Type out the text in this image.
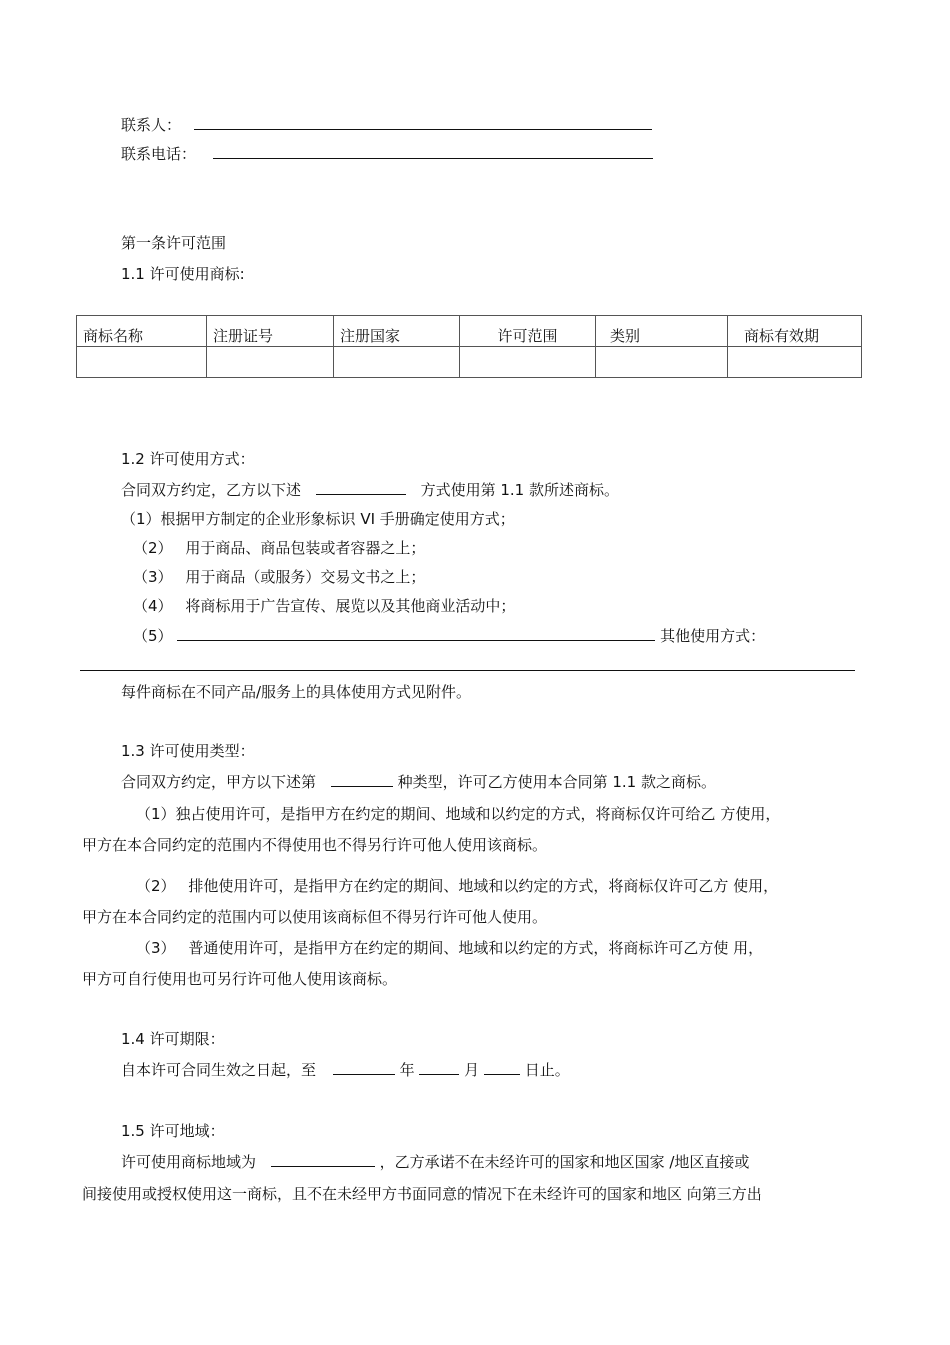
联系人：
联系电话：
第一条许可范围
1.1 许可使用商标:
商标名称	注册证号	注册国家	许可范围	类别	商标有效期

1.2 许可使用方式：
合同双方约定，乙方以下述	方式使用第 1.1 款所述商标。
（1）根据甲方制定的企业形象标识 VI 手册确定使用方式；
（2） 用于商品、商品包装或者容器之上；
（3） 用于商品（或服务）交易文书之上；
（4） 将商标用于广告宣传、展览以及其他商业活动中；
（5）	其他使用方式：
每件商标在不同产品/服务上的具体使用方式见附件。
1.3 许可使用类型：
合同双方约定，甲方以下述第	种类型，许可乙方使用本合同第 1.1 款之商标。
（1）独占使用许可，是指甲方在约定的期间、地域和以约定的方式，将商标仅许可给乙 方使用，
甲方在本合同约定的范围内不得使用也不得另行许可他人使用该商标。
（2） 排他使用许可，是指甲方在约定的期间、地域和以约定的方式，将商标仅许可乙方 使用，
甲方在本合同约定的范围内可以使用该商标但不得另行许可他人使用。
（3） 普通使用许可，是指甲方在约定的期间、地域和以约定的方式，将商标许可乙方使 用，
甲方可自行使用也可另行许可他人使用该商标。
1.4 许可期限：
自本许可合同生效之日起，至	年	月	日止。
1.5 许可地域：
许可使用商标地域为	，乙方承诺不在未经许可的国家和地区国家 /地区直接或
间接使用或授权使用这一商标，且不在未经甲方书面同意的情况下在未经许可的国家和地区 向第三方出
